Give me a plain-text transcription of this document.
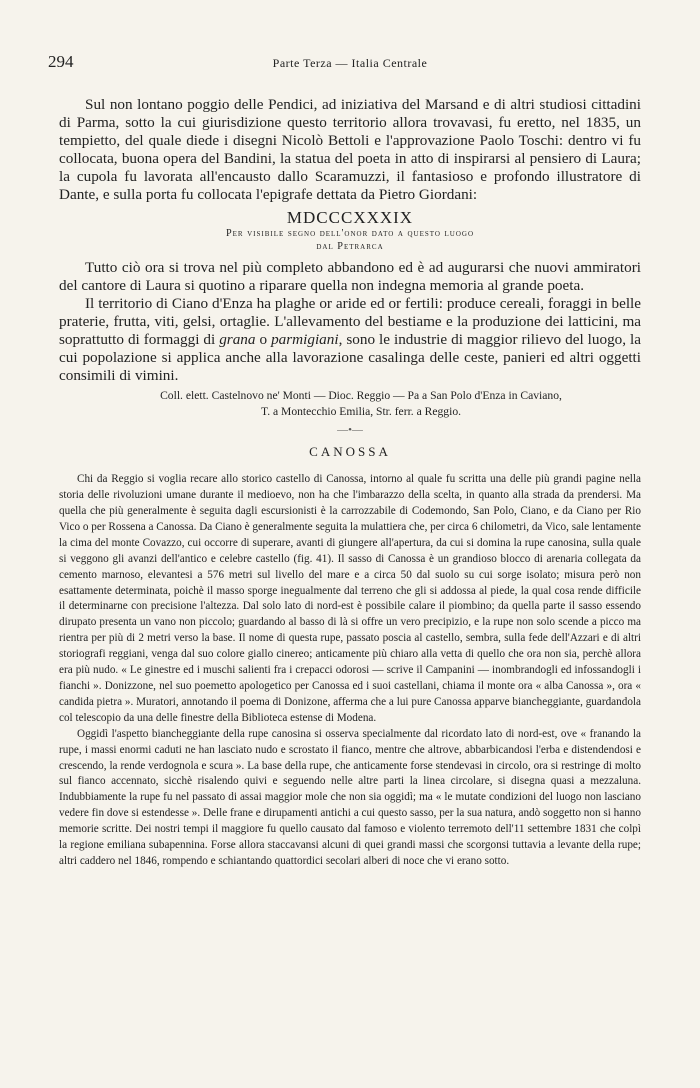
294	Parte Terza — Italia Centrale

Sul non lontano poggio delle Pendici, ad iniziativa del Marsand e di altri studiosi cittadini di Parma, sotto la cui giurisdizione questo territorio allora trovavasi, fu eretto, nel 1835, un tempietto, del quale diede i disegni Nicolò Bettoli e l'approvazione Paolo Toschi: dentro vi fu collocata, buona opera del Bandini, la statua del poeta in atto di inspirarsi al pensiero di Laura; la cupola fu lavorata all'encausto dallo Scaramuzzi, il fantasioso e profondo illustratore di Dante, e sulla porta fu collocata l'epigrafe dettata da Pietro Giordani:

MDCCCXXXIX
Per visibile segno dell'onor dato a questo luogo
dal Petrarca

Tutto ciò ora si trova nel più completo abbandono ed è ad augurarsi che nuovi ammiratori del cantore di Laura si quotino a riparare quella non indegna memoria al grande poeta.

Il territorio di Ciano d'Enza ha plaghe or aride ed or fertili: produce cereali, foraggi in belle praterie, frutta, viti, gelsi, ortaglie. L'allevamento del bestiame e la produzione dei latticini, ma soprattutto di formaggi di grana o parmigiani, sono le industrie di maggior rilievo del luogo, la cui popolazione si applica anche alla lavorazione casalinga delle ceste, panieri ed altri oggetti consimili di vimini.

Coll. elett. Castelnovo ne' Monti — Dioc. Reggio — Pa a San Polo d'Enza in Caviano,
T. a Montecchio Emilia, Str. ferr. a Reggio.
—•—
CANOSSA

Chi da Reggio si voglia recare allo storico castello di Canossa, intorno al quale fu scritta una delle più grandi pagine nella storia delle rivoluzioni umane durante il medioevo, non ha che l'imbarazzo della scelta, in quanto alla strada da prendersi. Ma quella che più generalmente è seguita dagli escursionisti è la carrozzabile di Codemondo, San Polo, Ciano, e da Ciano per Rio Vico o per Rossena a Canossa. Da Ciano è generalmente seguita la mulattiera che, per circa 6 chilometri, da Vico, sale lentamente la cima del monte Covazzo, cui occorre di superare, avanti di giungere all'apertura, da cui si domina la rupe canosina, sulla quale si veggono gli avanzi dell'antico e celebre castello (fig. 41). Il sasso di Canossa è un grandioso blocco di arenaria collegata da cemento marnoso, elevantesi a 576 metri sul livello del mare e a circa 50 dal suolo su cui sorge isolato; misura però non esattamente determinata, poichè il masso sporge inegualmente dal terreno che gli si addossa al piede, la qual cosa rende difficile il determinarne con precisione l'altezza. Dal solo lato di nord-est è possibile calare il piombino; da quella parte il sasso essendo dirupato presenta un vano non piccolo; guardando al basso di là si offre un vero precipizio, e la rupe non solo scende a picco ma rientra per più di 2 metri verso la base. Il nome di questa rupe, passato poscia al castello, sembra, sulla fede dell'Azzari e di altri storiografi reggiani, venga dal suo colore giallo cinereo; anticamente più chiaro alla vetta di quello che ora non sia, perchè allora era più nudo. « Le ginestre ed i muschi salienti fra i crepacci odorosi — scrive il Campanini — inombrandogli ed infossandogli i fianchi ». Donizzone, nel suo poemetto apologetico per Canossa ed i suoi castellani, chiama il monte ora « alba Canossa », ora « candida pietra ». Muratori, annotando il poema di Donizone, afferma che a lui pure Canossa apparve biancheggiante, guardandola col telescopio da una delle finestre della Biblioteca estense di Modena.

Oggidì l'aspetto biancheggiante della rupe canosina si osserva specialmente dal ricordato lato di nord-est, ove « franando la rupe, i massi enormi caduti ne han lasciato nudo e scrostato il fianco, mentre che altrove, abbarbicandosi l'erba e distendendosi e crescendo, la rende verdognola e scura ». La base della rupe, che anticamente forse stendevasi in circolo, ora si restringe di molto sul fianco accennato, sicchè risalendo quivi e seguendo nelle altre parti la linea circolare, si disegna quasi a mezzaluna. Indubbiamente la rupe fu nel passato di assai maggior mole che non sia oggidì; ma « le mutate condizioni del luogo non lasciano vedere fin dove si estendesse ». Delle frane e dirupamenti antichi a cui questo sasso, per la sua natura, andò soggetto non si hanno memorie scritte. Dei nostri tempi il maggiore fu quello causato dal famoso e violento terremoto dell'11 settembre 1831 che colpì la regione emiliana subapennina. Forse allora staccavansi alcuni di quei grandi massi che scorgonsi tuttavia a levante della rupe; altri caddero nel 1846, rompendo e schiantando quattordici secolari alberi di noce che vi erano sotto.
